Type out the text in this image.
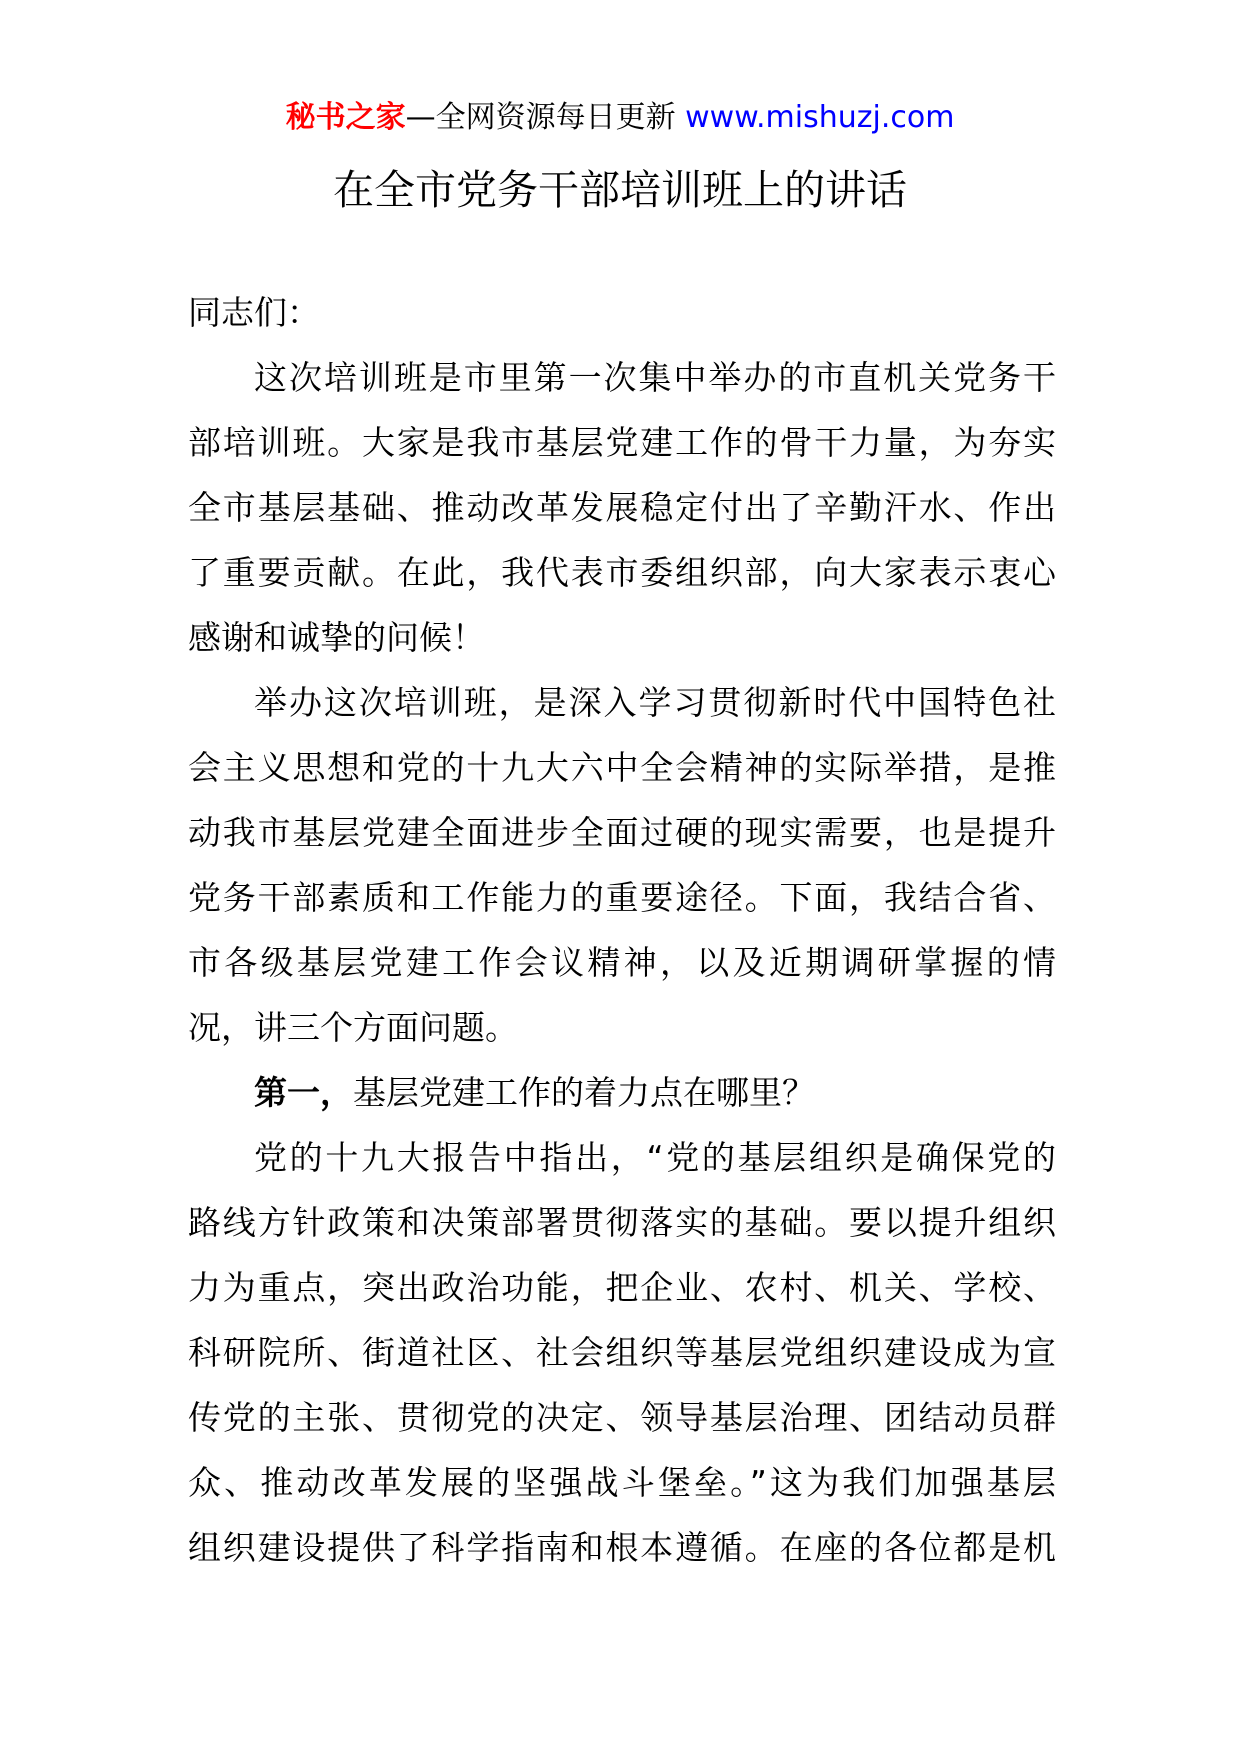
秘书之家—全网资源每日更新 www.mishuzj.com
在全市党务干部培训班上的讲话
同志们：
这次培训班是市里第一次集中举办的市直机关党务干
部培训班。大家是我市基层党建工作的骨干力量，为夯实
全市基层基础、推动改革发展稳定付出了辛勤汗水、作出
了重要贡献。在此，我代表市委组织部，向大家表示衷心
感谢和诚挚的问候！
举办这次培训班，是深入学习贯彻新时代中国特色社
会主义思想和党的十九大六中全会精神的实际举措，是推
动我市基层党建全面进步全面过硬的现实需要，也是提升
党务干部素质和工作能力的重要途径。下面，我结合省、
市各级基层党建工作会议精神，以及近期调研掌握的情
况，讲三个方面问题。
第一，基层党建工作的着力点在哪里？
党的十九大报告中指出，“党的基层组织是确保党的
路线方针政策和决策部署贯彻落实的基础。要以提升组织
力为重点，突出政治功能，把企业、农村、机关、学校、
科研院所、街道社区、社会组织等基层党组织建设成为宣
传党的主张、贯彻党的决定、领导基层治理、团结动员群
众、推动改革发展的坚强战斗堡垒。”这为我们加强基层
组织建设提供了科学指南和根本遵循。在座的各位都是机
